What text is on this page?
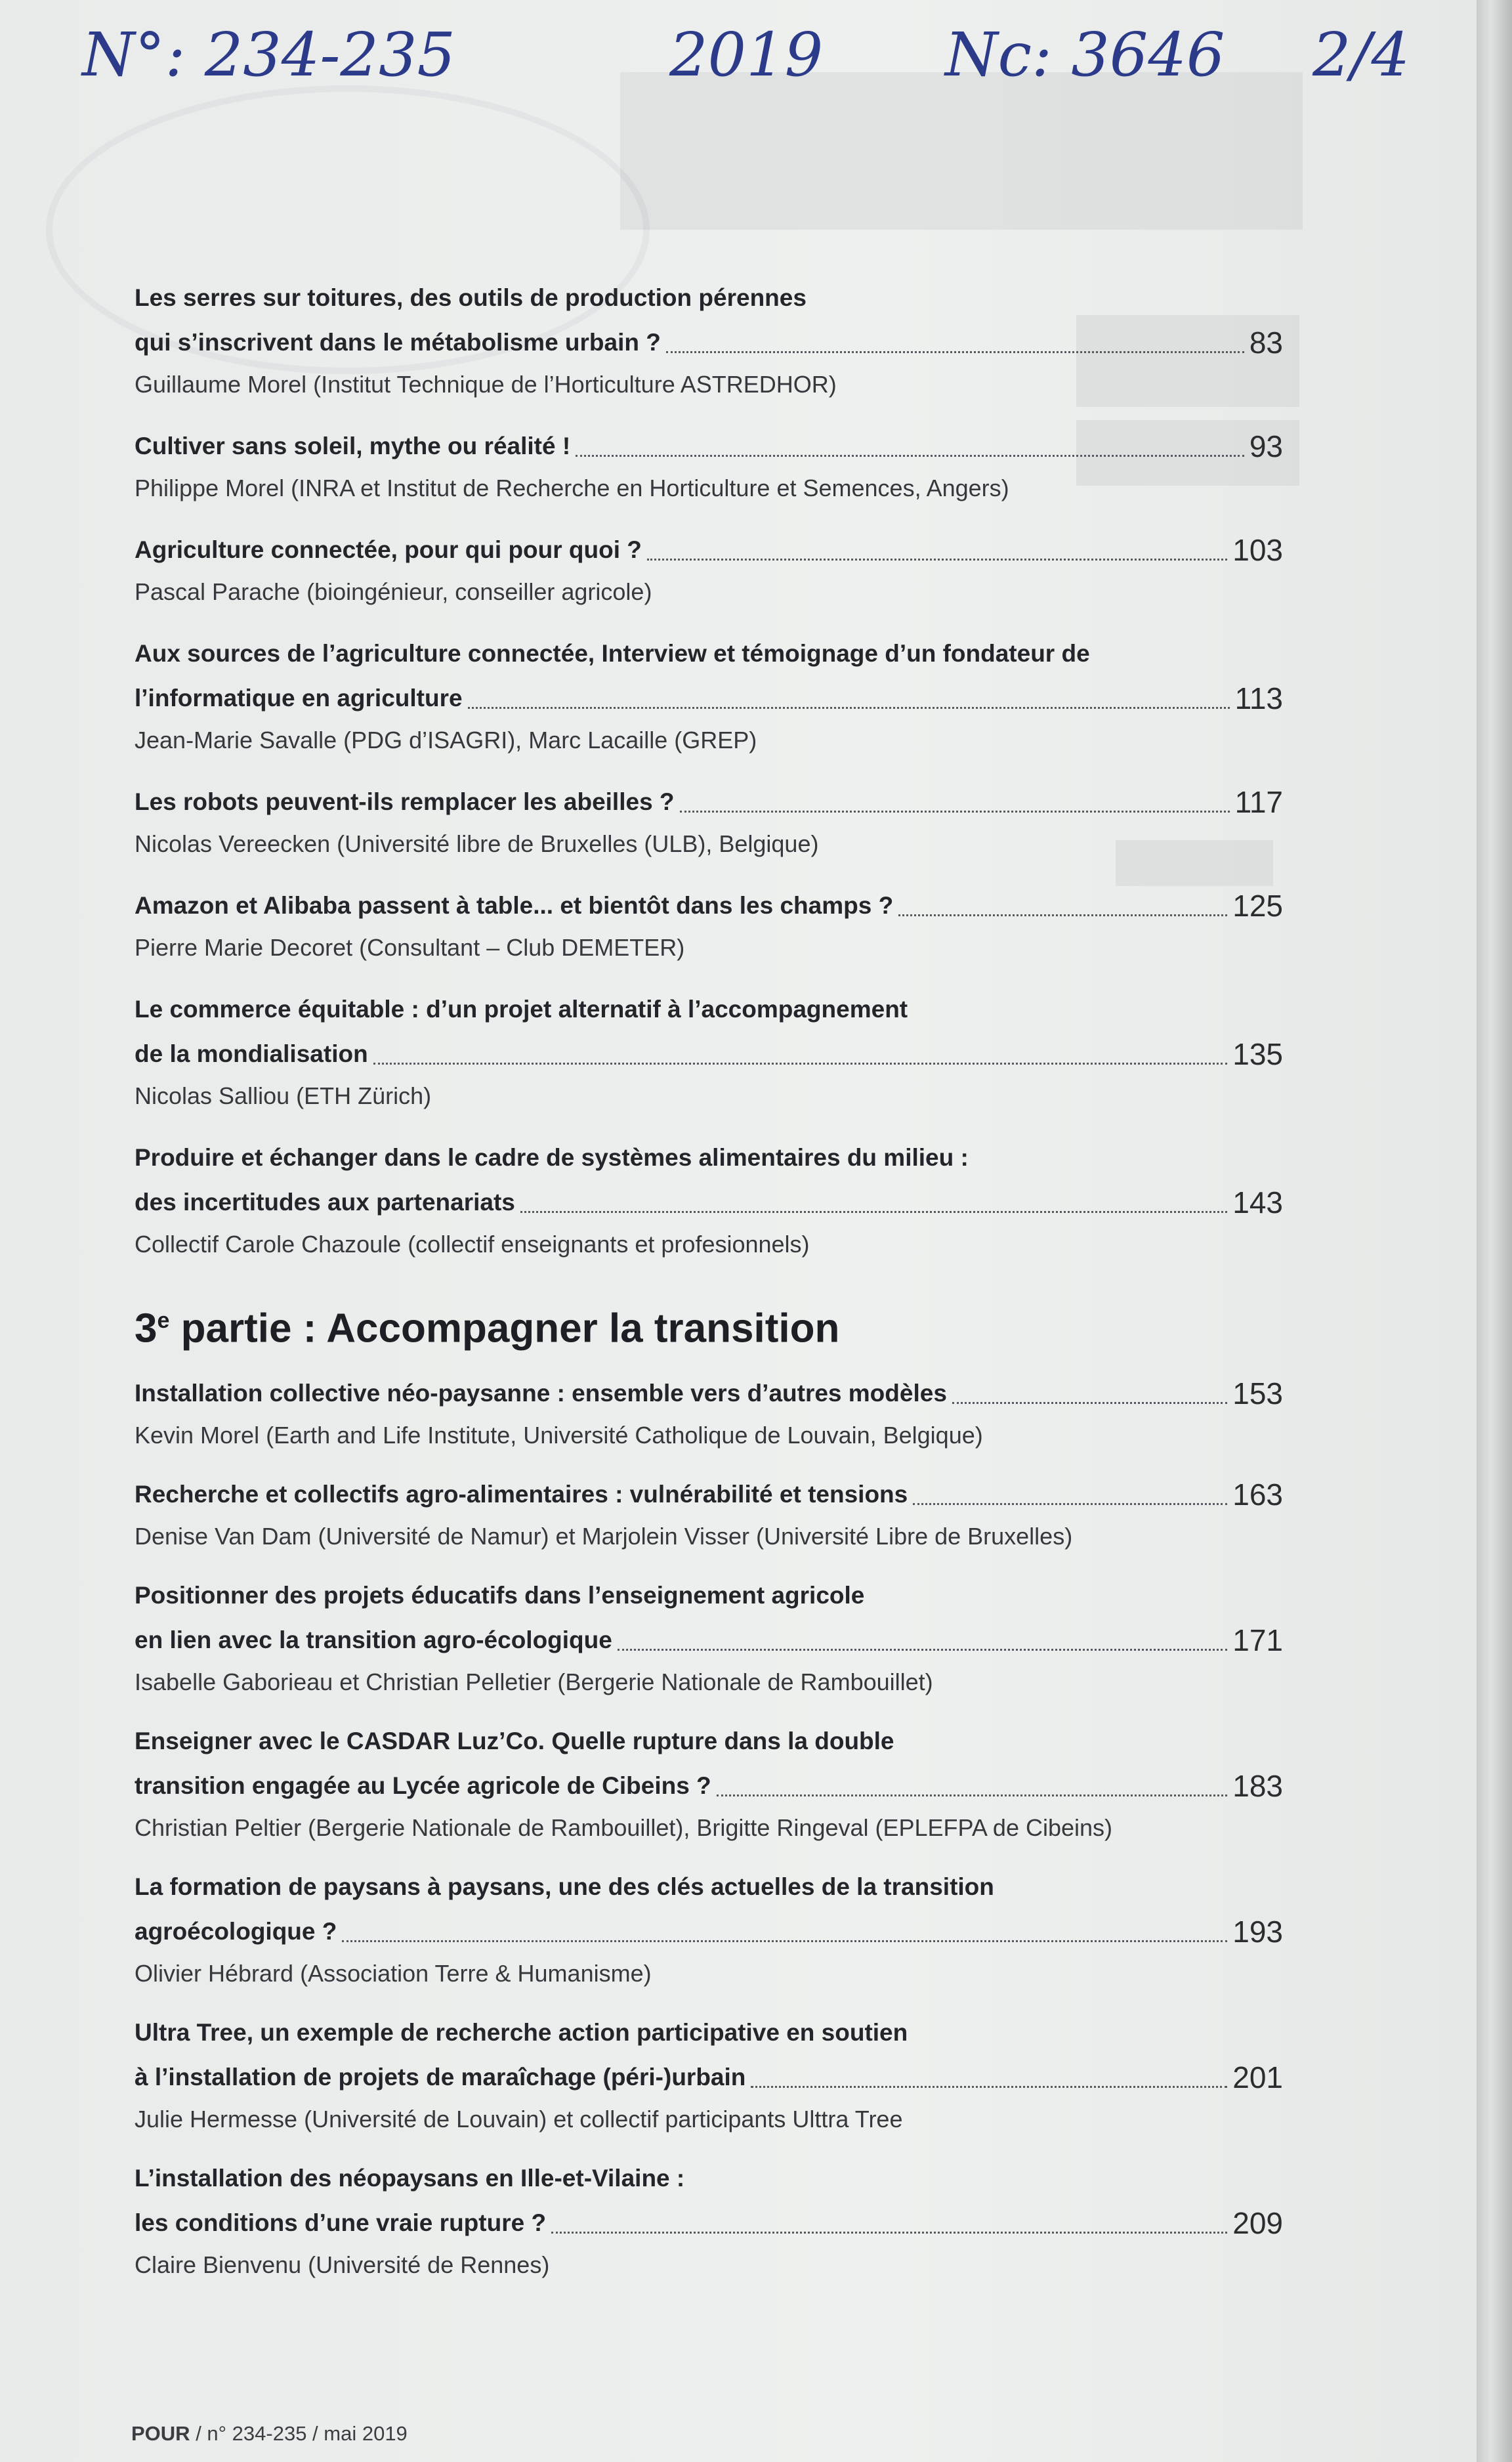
N°: 234-235	2019 Nc: 3646 2/4
Les serres sur toitures, des outils de production pérennes
qui s’inscrivent dans le métabolisme urbain ?	83
Guillaume Morel (Institut Technique de l’Horticulture ASTREDHOR)
Cultiver sans soleil, mythe ou réalité !	93
Philippe Morel (INRA et Institut de Recherche en Horticulture et Semences, Angers)
Agriculture connectée, pour qui pour quoi ?	103
Pascal Parache (bioingénieur, conseiller agricole)
Aux sources de l’agriculture connectée, Interview et témoignage d’un fondateur de
l’informatique en agriculture	113
Jean-Marie Savalle (PDG d’ISAGRI), Marc Lacaille (GREP)
Les robots peuvent-ils remplacer les abeilles ?	117
Nicolas Vereecken (Université libre de Bruxelles (ULB), Belgique)
Amazon et Alibaba passent à table... et bientôt dans les champs ?	125
Pierre Marie Decoret (Consultant – Club DEMETER)
Le commerce équitable : d’un projet alternatif à l’accompagnement
de la mondialisation	135
Nicolas Salliou (ETH Zürich)
Produire et échanger dans le cadre de systèmes alimentaires du milieu :
des incertitudes aux partenariats	143
Collectif Carole Chazoule (collectif enseignants et profesionnels)
3e partie : Accompagner la transition
Installation collective néo-paysanne : ensemble vers d’autres modèles	153
Kevin Morel (Earth and Life Institute, Université Catholique de Louvain, Belgique)
Recherche et collectifs agro-alimentaires : vulnérabilité et tensions	163
Denise Van Dam (Université de Namur) et Marjolein Visser (Université Libre de Bruxelles)
Positionner des projets éducatifs dans l’enseignement agricole
en lien avec la transition agro-écologique	171
Isabelle Gaborieau et Christian Pelletier (Bergerie Nationale de Rambouillet)
Enseigner avec le CASDAR Luz’Co. Quelle rupture dans la double
transition engagée au Lycée agricole de Cibeins ?	183
Christian Peltier (Bergerie Nationale de Rambouillet), Brigitte Ringeval (EPLEFPA de Cibeins)
La formation de paysans à paysans, une des clés actuelles de la transition
agroécologique ?	193
Olivier Hébrard (Association Terre & Humanisme)
Ultra Tree, un exemple de recherche action participative en soutien
à l’installation de projets de maraîchage (péri-)urbain	201
Julie Hermesse (Université de Louvain) et collectif participants Ulttra Tree
L’installation des néopaysans en Ille-et-Vilaine :
les conditions d’une vraie rupture ?	209
Claire Bienvenu (Université de Rennes)
POUR / n° 234-235 / mai 2019
